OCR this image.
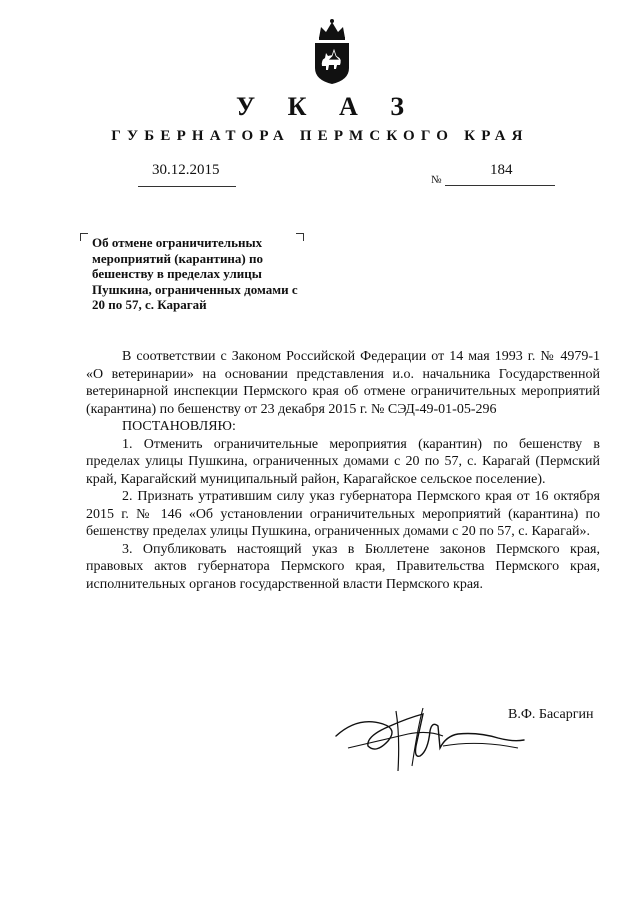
У К А З
ГУБЕРНАТОРА ПЕРМСКОГО КРАЯ
30.12.2015
№
184
Об отмене ограничительных мероприятий (карантина) по бешенству в пределах улицы Пушкина, ограниченных домами с 20 по 57, с. Карагай

В соответствии с Законом Российской Федерации от 14 мая 1993 г. № 4979-1 «О ветеринарии» на основании представления и.о. начальника Государственной ветеринарной инспекции Пермского края об отмене ограничительных мероприятий (карантина) по бешенству от 23 декабря 2015 г. № СЭД-49-01-05-296

ПОСТАНОВЛЯЮ:

1. Отменить ограничительные мероприятия (карантин) по бешенству в пределах улицы Пушкина, ограниченных домами с 20 по 57, с. Карагай (Пермский край, Карагайский муниципальный район, Карагайское сельское поселение).

2. Признать утратившим силу указ губернатора Пермского края от 16 октября 2015 г. № 146 «Об установлении ограничительных мероприятий (карантина) по бешенству пределах улицы Пушкина, ограниченных домами с 20 по 57, с. Карагай».

3. Опубликовать настоящий указ в Бюллетене законов Пермского края, правовых актов губернатора Пермского края, Правительства Пермского края, исполнительных органов государственной власти Пермского края.

В.Ф. Басаргин
